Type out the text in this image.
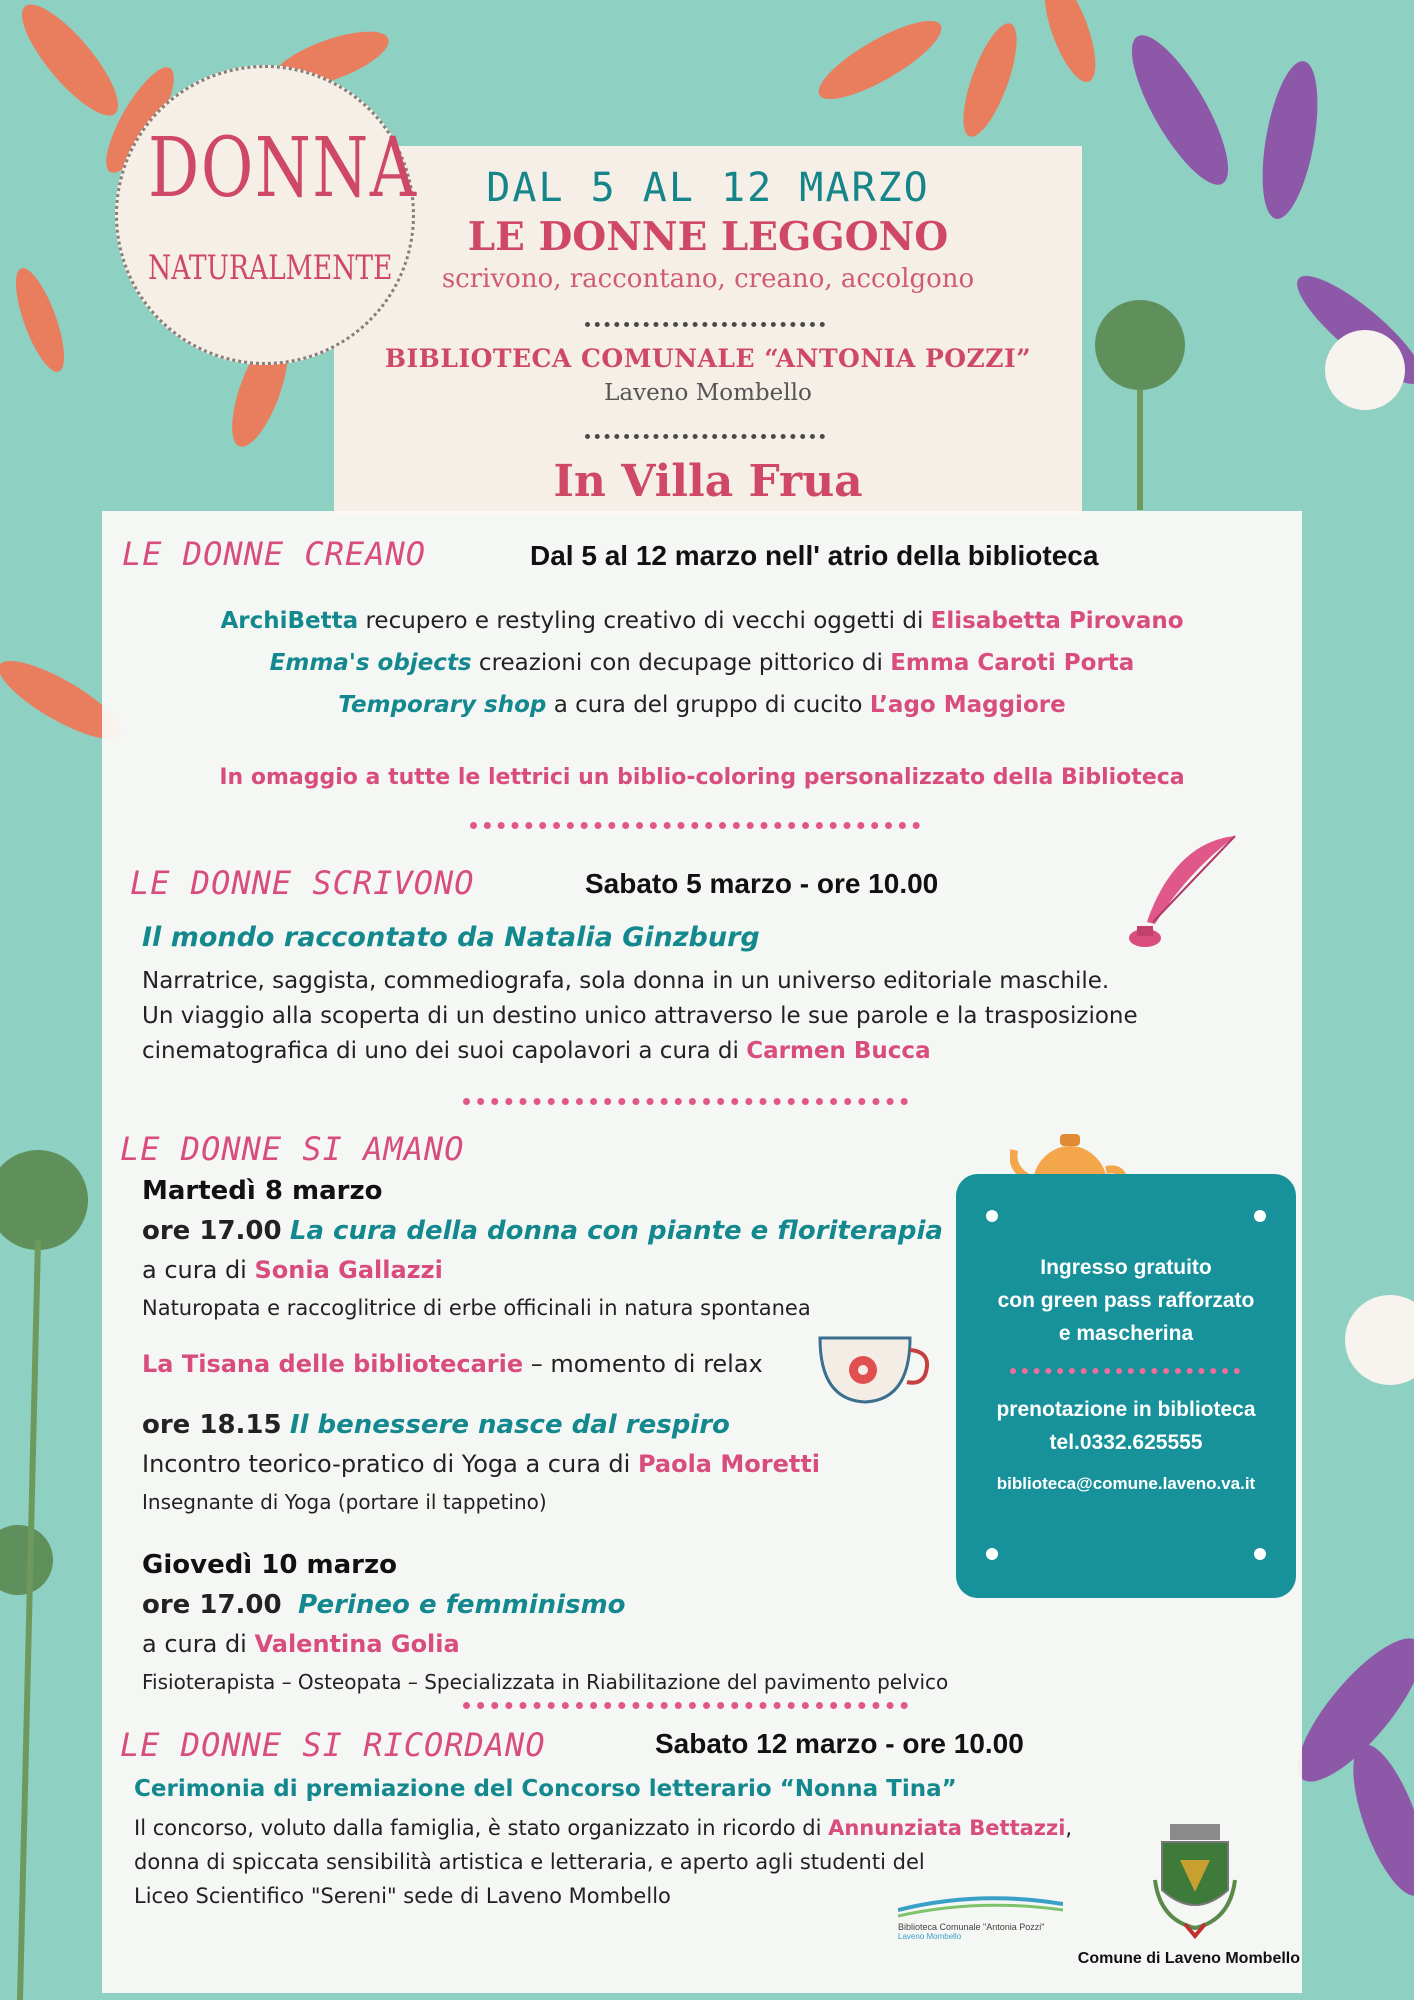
DONNA
NATURALMENTE
DAL 5 AL 12 MARZO
LE DONNE LEGGONO
scrivono, raccontano, creano, accolgono
BIBLIOTECA COMUNALE “ANTONIA POZZI”
Laveno Mombello
In Villa Frua
LE DONNE CREANO	Dal 5 al 12 marzo nell' atrio della biblioteca
ArchiBetta recupero e restyling creativo di vecchi oggetti di Elisabetta Pirovano
Emma's objects creazioni con decupage pittorico di Emma Caroti Porta
Temporary shop a cura del gruppo di cucito L’ago Maggiore
In omaggio a tutte le lettrici un biblio-coloring personalizzato della Biblioteca
LE DONNE SCRIVONO	Sabato 5 marzo - ore 10.00
Il mondo raccontato da Natalia Ginzburg
Narratrice, saggista, commediografa, sola donna in un universo editoriale maschile.
Un viaggio alla scoperta di un destino unico attraverso le sue parole e la trasposizione
cinematografica di uno dei suoi capolavori a cura di Carmen Bucca
LE DONNE SI AMANO
Martedì 8 marzo
ore 17.00 La cura della donna con piante e floriterapia
a cura di Sonia Gallazzi
Naturopata e raccoglitrice di erbe officinali in natura spontanea
La Tisana delle bibliotecarie – momento di relax
ore 18.15 Il benessere nasce dal respiro
Incontro teorico-pratico di Yoga a cura di Paola Moretti
Insegnante di Yoga (portare il tappetino)
Giovedì 10 marzo
ore 17.00 Perineo e femminismo
a cura di Valentina Golia
Fisioterapista – Osteopata – Specializzata in Riabilitazione del pavimento pelvico
Ingresso gratuito
con green pass rafforzato
e mascherina
prenotazione in biblioteca
tel.0332.625555
biblioteca@comune.laveno.va.it
LE DONNE SI RICORDANO	Sabato 12 marzo - ore 10.00
Cerimonia di premiazione del Concorso letterario “Nonna Tina”
Il concorso, voluto dalla famiglia, è stato organizzato in ricordo di Annunziata Bettazzi,
donna di spiccata sensibilità artistica e letteraria, e aperto agli studenti del
Liceo Scientifico "Sereni" sede di Laveno Mombello
Biblioteca Comunale "Antonia Pozzi"
Laveno Mombello
Comune di Laveno Mombello
